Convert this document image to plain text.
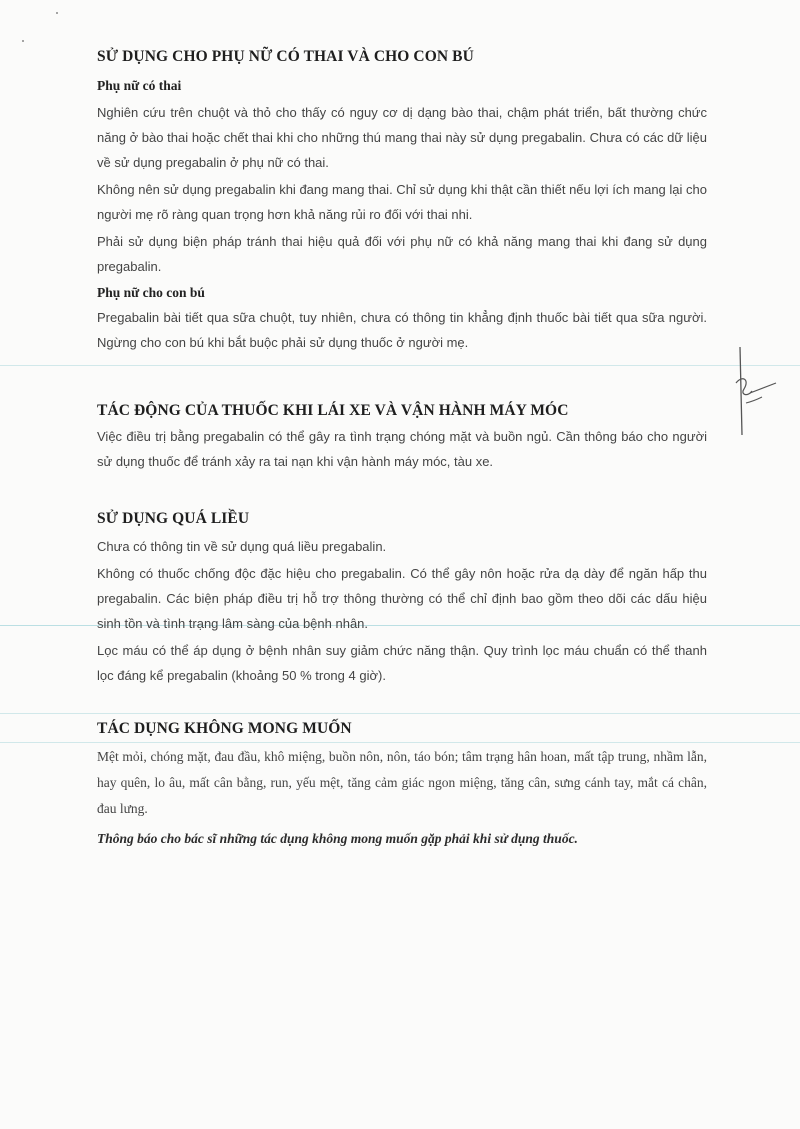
SỬ DỤNG CHO PHỤ NỮ CÓ THAI VÀ CHO CON BÚ
Phụ nữ có thai

Nghiên cứu trên chuột và thỏ cho thấy có nguy cơ dị dạng bào thai, chậm phát triển, bất thường chức năng ở bào thai hoặc chết thai khi cho những thú mang thai này sử dụng pregabalin. Chưa có các dữ liệu về sử dụng pregabalin ở phụ nữ có thai.

Không nên sử dụng pregabalin khi đang mang thai. Chỉ sử dụng khi thật cần thiết nếu lợi ích mang lại cho người mẹ rõ ràng quan trọng hơn khả năng rủi ro đối với thai nhi.

Phải sử dụng biện pháp tránh thai hiệu quả đối với phụ nữ có khả năng mang thai khi đang sử dụng pregabalin.

Phụ nữ cho con bú

Pregabalin bài tiết qua sữa chuột, tuy nhiên, chưa có thông tin khẳng định thuốc bài tiết qua sữa người. Ngừng cho con bú khi bắt buộc phải sử dụng thuốc ở người mẹ.

TÁC ĐỘNG CỦA THUỐC KHI LÁI XE VÀ VẬN HÀNH MÁY MÓC

Việc điều trị bằng pregabalin có thể gây ra tình trạng chóng mặt và buồn ngủ. Cần thông báo cho người sử dụng thuốc để tránh xảy ra tai nạn khi vận hành máy móc, tàu xe.

SỬ DỤNG QUÁ LIỀU

Chưa có thông tin về sử dụng quá liều pregabalin.

Không có thuốc chống độc đặc hiệu cho pregabalin. Có thể gây nôn hoặc rửa dạ dày để ngăn hấp thu pregabalin. Các biện pháp điều trị hỗ trợ thông thường có thể chỉ định bao gồm theo dõi các dấu hiệu sinh tồn và tình trạng lâm sàng của bệnh nhân.

Lọc máu có thể áp dụng ở bệnh nhân suy giảm chức năng thận. Quy trình lọc máu chuẩn có thể thanh lọc đáng kể pregabalin (khoảng 50 % trong 4 giờ).

TÁC DỤNG KHÔNG MONG MUỐN

Mệt mỏi, chóng mặt, đau đầu, khô miệng, buồn nôn, nôn, táo bón; tâm trạng hân hoan, mất tập trung, nhầm lẫn, hay quên, lo âu, mất cân bằng, run, yếu mệt, tăng cảm giác ngon miệng, tăng cân, sưng cánh tay, mắt cá chân, đau lưng.

Thông báo cho bác sĩ những tác dụng không mong muốn gặp phải khi sử dụng thuốc.
